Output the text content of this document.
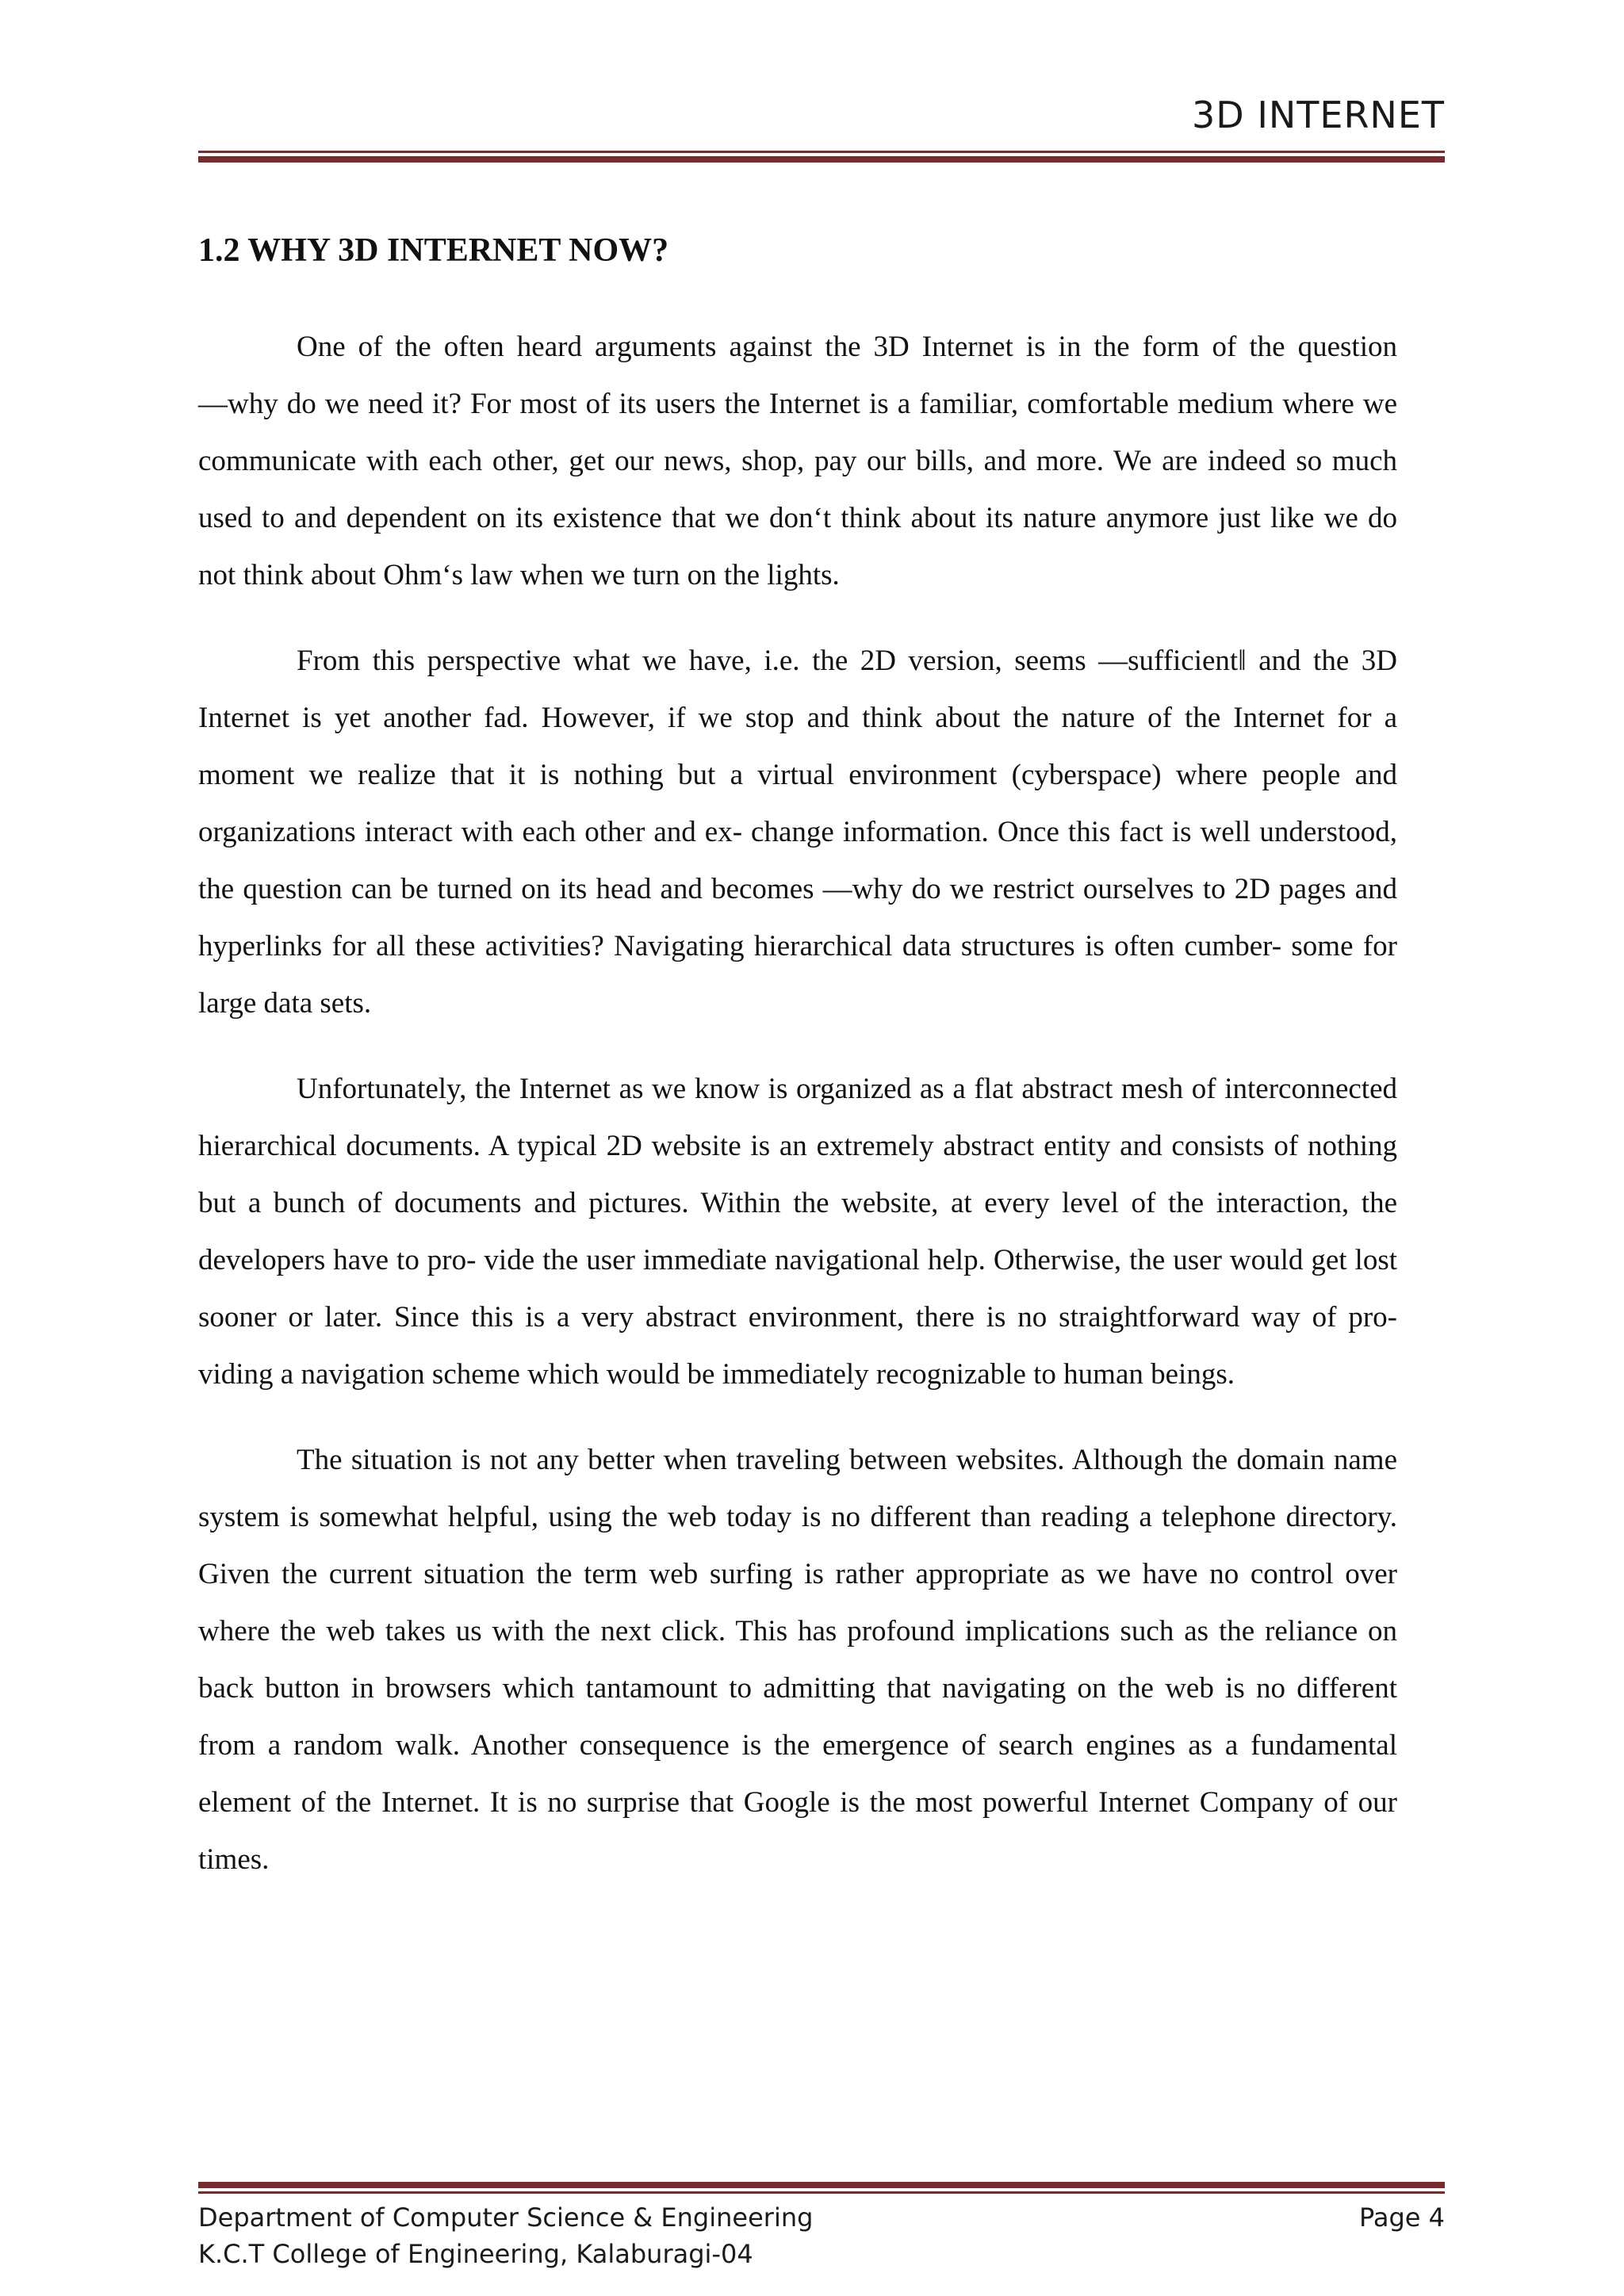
3D INTERNET
1.2 WHY 3D INTERNET NOW?

One of the often heard arguments against the 3D Internet is in the form of the question ―why do we need it? For most of its users the Internet is a familiar, comfortable medium where we communicate with each other, get our news, shop, pay our bills, and more. We are indeed so much used to and dependent on its existence that we don‘t think about its nature anymore just like we do not think about Ohm‘s law when we turn on the lights.

From this perspective what we have, i.e. the 2D version, seems ―sufficient‖ and the 3D Internet is yet another fad. However, if we stop and think about the nature of the Internet for a moment we realize that it is nothing but a virtual environment (cyberspace) where people and organizations interact with each other and ex- change information. Once this fact is well understood, the question can be turned on its head and becomes ―why do we restrict ourselves to 2D pages and hyperlinks for all these activities? Navigating hierarchical data structures is often cumber- some for large data sets.

Unfortunately, the Internet as we know is organized as a flat abstract mesh of interconnected hierarchical documents. A typical 2D website is an extremely abstract entity and consists of nothing but a bunch of documents and pictures. Within the website, at every level of the interaction, the developers have to pro- vide the user immediate navigational help. Otherwise, the user would get lost sooner or later. Since this is a very abstract environment, there is no straightforward way of pro- viding a navigation scheme which would be immediately recognizable to human beings.

The situation is not any better when traveling between websites. Although the domain name system is somewhat helpful, using the web today is no different than reading a telephone directory. Given the current situation the term web surfing is rather appropriate as we have no control over where the web takes us with the next click. This has profound implications such as the reliance on back button in browsers which tantamount to admitting that navigating on the web is no different from a random walk. Another consequence is the emergence of search engines as a fundamental element of the Internet. It is no surprise that Google is the most powerful Internet Company of our times.

Department of Computer Science & Engineering
K.C.T College of Engineering, Kalaburagi-04
Page 4
